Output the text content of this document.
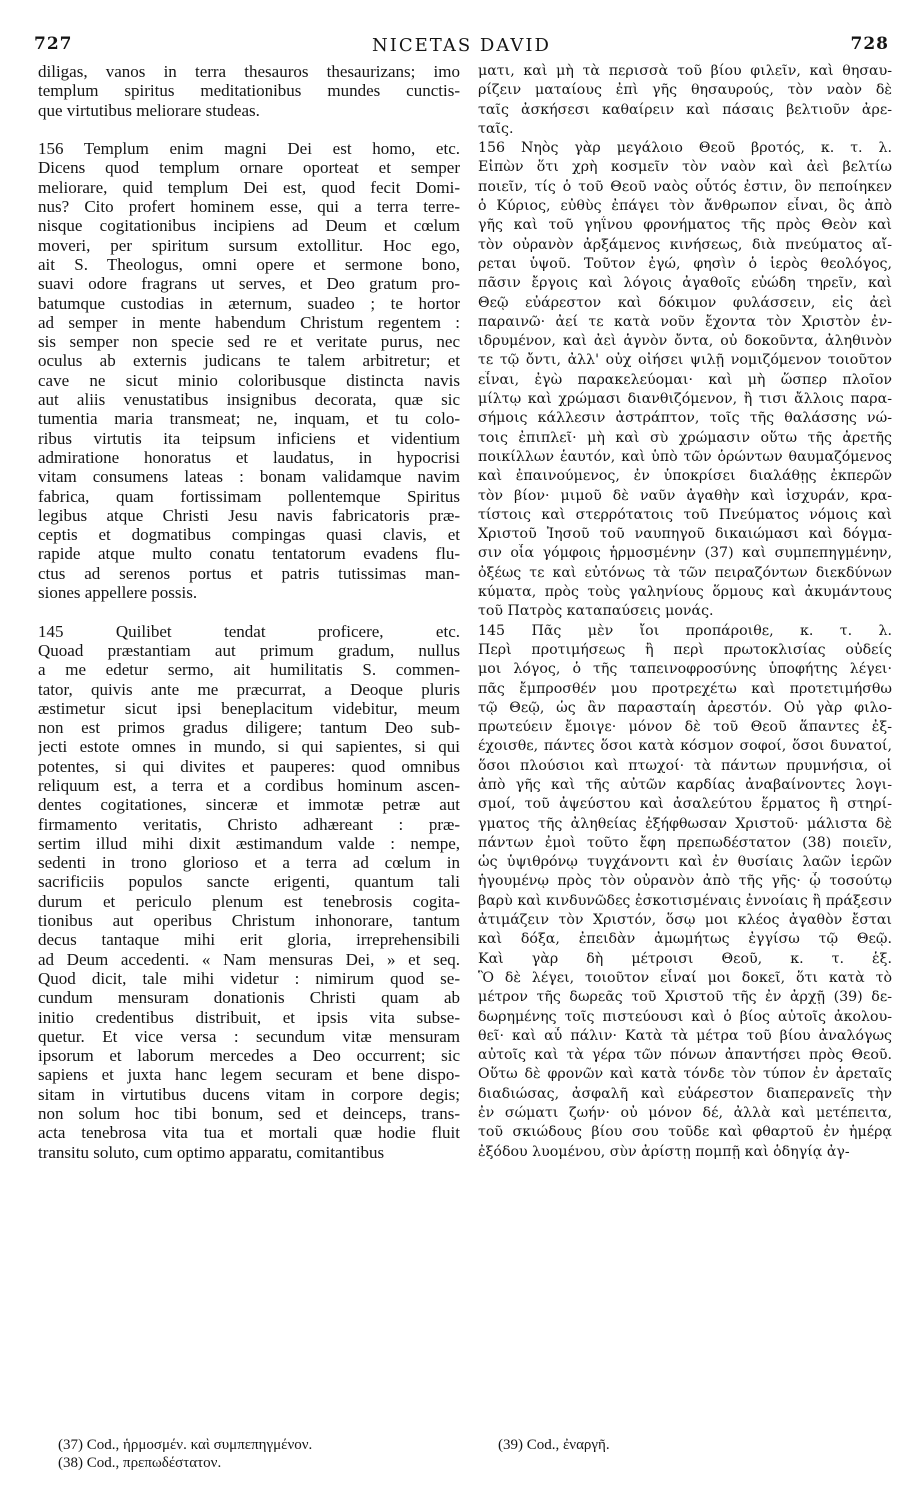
727	NICETAS DAVID	728
diligas, vanos in terra thesauros thesaurizans; imo
templum spiritus meditationibus mundes cunctis-
que virtutibus meliorare studeas.
156 Templum enim magni Dei est homo, etc.
Dicens quod templum ornare oporteat et semper
meliorare, quid templum Dei est, quod fecit Domi-
nus? Cito profert hominem esse, qui a terra terre-
nisque cogitationibus incipiens ad Deum et cœlum
moveri, per spiritum sursum extollitur. Hoc ego,
ait S. Theologus, omni opere et sermone bono,
suavi odore fragrans ut serves, et Deo gratum pro-
batumque custodias in æternum, suadeo ; te hortor
ad semper in mente habendum Christum regentem :
sis semper non specie sed re et veritate purus, nec
oculus ab externis judicans te talem arbitretur; et
cave ne sicut minio coloribusque distincta navis
aut aliis venustatibus insignibus decorata, quæ sic
tumentia maria transmeat; ne, inquam, et tu colo-
ribus virtutis ita teipsum inficiens et videntium
admiratione honoratus et laudatus, in hypocrisi
vitam consumens lateas : bonam validamque navim
fabrica, quam fortissimam pollentemque Spiritus
legibus atque Christi Jesu navis fabricatoris præ-
ceptis et dogmatibus compingas quasi clavis, et
rapide atque multo conatu tentatorum evadens flu-
ctus ad serenos portus et patris tutissimas man-
siones appellere possis.
145 Quilibet tendat proficere, etc.
Quoad præstantiam aut primum gradum, nullus
a me edetur sermo, ait humilitatis S. commen-
tator, quivis ante me præcurrat, a Deoque pluris
æstimetur sicut ipsi beneplacitum videbitur, meum
non est primos gradus diligere; tantum Deo sub-
jecti estote omnes in mundo, si qui sapientes, si qui
potentes, si qui divites et pauperes: quod omnibus
reliquum est, a terra et a cordibus hominum ascen-
dentes cogitationes, sinceræ et immotæ petræ aut
firmamento veritatis, Christo adhæreant : præ-
sertim illud mihi dixit æstimandum valde : nempe,
sedenti in trono glorioso et a terra ad cœlum in
sacrificiis populos sancte erigenti, quantum tali
durum et periculo plenum est tenebrosis cogita-
tionibus aut operibus Christum inhonorare, tantum
decus tantaque mihi erit gloria, irreprehensibili
ad Deum accedenti. « Nam mensuras Dei, » et seq.
Quod dicit, tale mihi videtur : nimirum quod se-
cundum mensuram donationis Christi quam ab
initio credentibus distribuit, et ipsis vita subse-
quetur. Et vice versa : secundum vitæ mensuram
ipsorum et laborum mercedes a Deo occurrent; sic
sapiens et juxta hanc legem securam et bene dispo-
sitam in virtutibus ducens vitam in corpore degis;
non solum hoc tibi bonum, sed et deinceps, trans-
acta tenebrosa vita tua et mortali quæ hodie fluit
transitu soluto, cum optimo apparatu, comitantibus
ματι, καὶ μὴ τὰ περισσὰ τοῦ βίου φιλεῖν, καὶ θησαυ-
ρίζειν ματαίους ἐπὶ γῆς θησαυρούς, τὸν ναὸν δὲ
ταῖς ἀσκήσεσι καθαίρειν καὶ πάσαις βελτιοῦν ἀρε-
ταῖς.
156 Νηὸς γὰρ μεγάλοιο Θεοῦ βροτός, κ. τ. λ.
Εἰπὼν ὅτι χρὴ κοσμεῖν τὸν ναὸν καὶ ἀεὶ βελτίω
ποιεῖν, τίς ὁ τοῦ Θεοῦ ναὸς οὗτός ἐστιν, ὃν πεποίηκεν
ὁ Κύριος, εὐθὺς ἐπάγει τὸν ἄνθρωπον εἶναι, ὃς ἀπὸ
γῆς καὶ τοῦ γηΐνου φρονήματος τῆς πρὸς Θεὸν καὶ
τὸν οὐρανὸν ἀρξάμενος κινήσεως, διὰ πνεύματος αἴ-
ρεται ὑψοῦ. Τοῦτον ἐγώ, φησὶν ὁ ἱερὸς θεολόγος,
πᾶσιν ἔργοις καὶ λόγοις ἀγαθοῖς εὐώδη τηρεῖν, καὶ
Θεῷ εὐάρεστον καὶ δόκιμον φυλάσσειν, εἰς ἀεὶ
παραινῶ· ἀεί τε κατὰ νοῦν ἔχοντα τὸν Χριστὸν ἐν-
ιδρυμένον, καὶ ἀεὶ ἁγνὸν ὄντα, οὐ δοκοῦντα, ἀληθινὸν
τε τῷ ὄντι, ἀλλ' οὐχ οἰήσει ψιλῇ νομιζόμενον τοιοῦτον
εἶναι, ἐγὼ παρακελεύομαι· καὶ μὴ ὥσπερ πλοῖον
μίλτῳ καὶ χρώμασι διανθιζόμενον, ἢ τισι ἄλλοις παρα-
σήμοις κάλλεσιν ἀστράπτον, τοῖς τῆς θαλάσσης νώ-
τοις ἐπιπλεῖ· μὴ καὶ σὺ χρώμασιν οὕτω τῆς ἀρετῆς
ποικίλλων ἑαυτόν, καὶ ὑπὸ τῶν ὁρώντων θαυμαζόμενος
καὶ ἐπαινούμενος, ἐν ὑποκρίσει διαλάθῃς ἐκπερῶν
τὸν βίον· μιμοῦ δὲ ναῦν ἀγαθὴν καὶ ἰσχυράν, κρα-
τίστοις καὶ στερρότατοις τοῦ Πνεύματος νόμοις καὶ
Χριστοῦ Ἰησοῦ τοῦ ναυπηγοῦ δικαιώμασι καὶ δόγμα-
σιν οἷα γόμφοις ἡρμοσμένην (37) καὶ συμπεπηγμένην,
ὀξέως τε καὶ εὐτόνως τὰ τῶν πειραζόντων διεκδύνων
κύματα, πρὸς τοὺς γαληνίους ὅρμους καὶ ἀκυμάντους
τοῦ Πατρὸς καταπαύσεις μονάς.
145 Πᾶς μὲν ἴοι προπάροιθε, κ. τ. λ.
Περὶ προτιμήσεως ἢ περὶ πρωτοκλισίας οὐδείς
μοι λόγος, ὁ τῆς ταπεινοφροσύνης ὑποφήτης λέγει·
πᾶς ἔμπροσθέν μου προτρεχέτω καὶ προτετιμήσθω
τῷ Θεῷ, ὡς ἂν παρασταίη ἀρεστόν. Οὐ γὰρ φιλο-
πρωτεύειν ἔμοιγε· μόνον δὲ τοῦ Θεοῦ ἅπαντες ἐξ-
έχοισθε, πάντες ὅσοι κατὰ κόσμον σοφοί, ὅσοι δυνατοί,
ὅσοι πλούσιοι καὶ πτωχοί· τὰ πάντων πρυμνήσια, οἱ
ἀπὸ γῆς καὶ τῆς αὐτῶν καρδίας ἀναβαίνοντες λογι-
σμοί, τοῦ ἀψεύστου καὶ ἀσαλεύτου ἕρματος ἢ στηρί-
γματος τῆς ἀληθείας ἐξήφθωσαν Χριστοῦ· μάλιστα δὲ
πάντων ἐμοὶ τοῦτο ἔφη πρεπωδέστατον (38) ποιεῖν,
ὡς ὑψιθρόνῳ τυγχάνοντι καὶ ἐν θυσίαις λαῶν ἱερῶν
ἡγουμένῳ πρὸς τὸν οὐρανὸν ἀπὸ τῆς γῆς· ᾧ τοσούτῳ
βαρὺ καὶ κινδυνῶδες ἐσκοτισμέναις ἐννοίαις ἢ πράξεσιν
ἀτιμάζειν τὸν Χριστόν, ὅσῳ μοι κλέος ἀγαθὸν ἔσται
καὶ δόξα, ἐπειδὰν ἀμωμήτως ἐγγίσω τῷ Θεῷ.
Καὶ γὰρ δὴ μέτροισι Θεοῦ, κ. τ. ἑξ.
Ὃ δὲ λέγει, τοιοῦτον εἶναί μοι δοκεῖ, ὅτι κατὰ τὸ
μέτρον τῆς δωρεᾶς τοῦ Χριστοῦ τῆς ἐν ἀρχῇ (39) δε-
δωρημένης τοῖς πιστεύουσι καὶ ὁ βίος αὐτοῖς ἀκολου-
θεῖ· καὶ αὖ πάλιν· Κατὰ τὰ μέτρα τοῦ βίου ἀναλόγως
αὐτοῖς καὶ τὰ γέρα τῶν πόνων ἀπαντήσει πρὸς Θεοῦ.
Οὕτω δὲ φρονῶν καὶ κατὰ τόνδε τὸν τύπον ἐν ἀρεταῖς
διαδιώσας, ἀσφαλῆ καὶ εὐάρεστον διαπερανεῖς τὴν
ἐν σώματι ζωήν· οὐ μόνον δέ, ἀλλὰ καὶ μετέπειτα,
τοῦ σκιώδους βίου σου τοῦδε καὶ φθαρτοῦ ἐν ἡμέρᾳ
ἐξόδου λυομένου, σὺν ἀρίστῃ πομπῇ καὶ ὁδηγίᾳ ἀγ-
(37) Cod., ἡρμοσμέν. καὶ συμπεπηγμένον.
(38) Cod., πρεπωδέστατον.
(39) Cod., ἐναργῆ.
